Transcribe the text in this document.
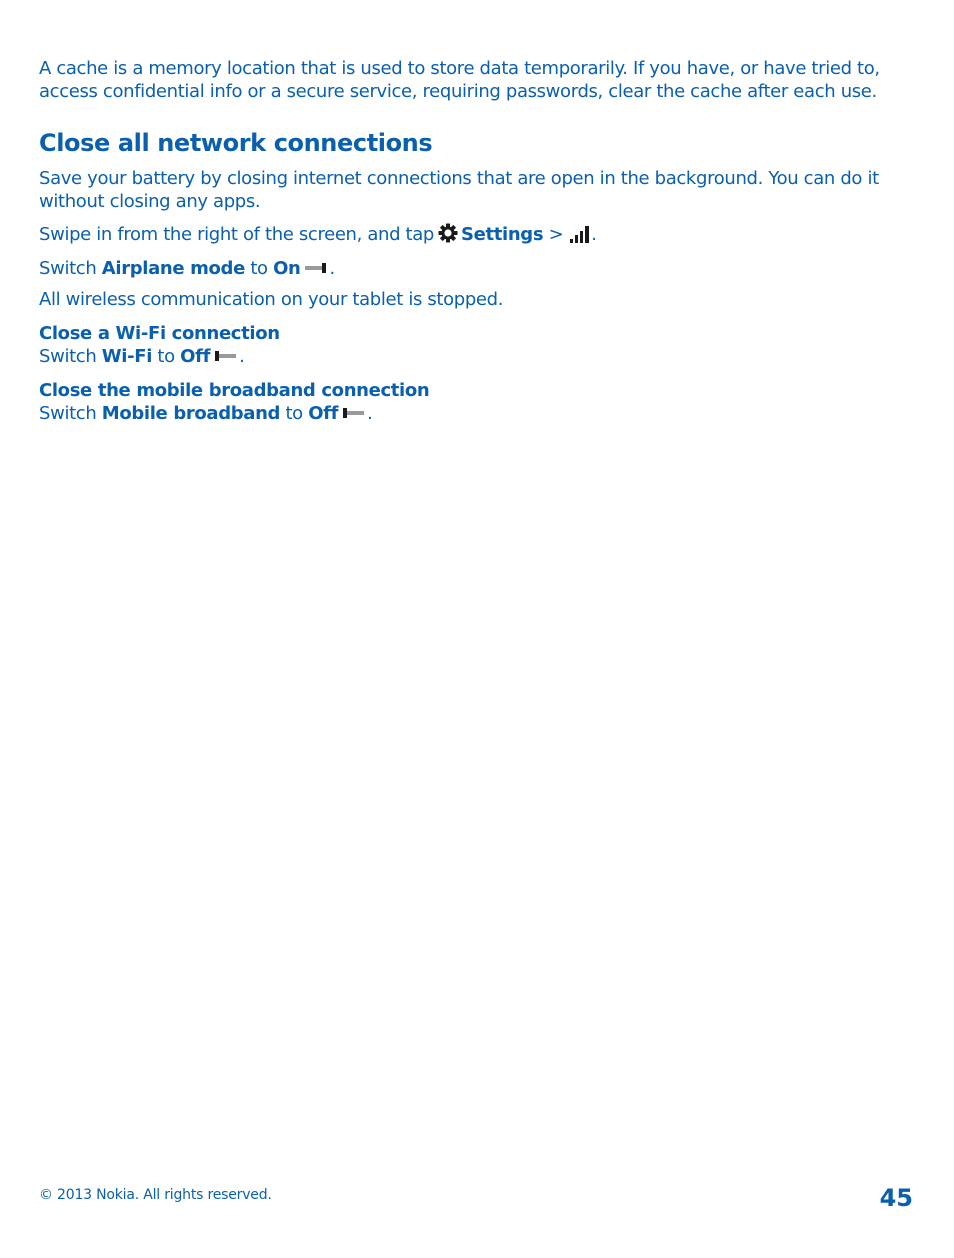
A cache is a memory location that is used to store data temporarily. If you have, or have tried to, access confidential info or a secure service, requiring passwords, clear the cache after each use.

Close all network connections

Save your battery by closing internet connections that are open in the background. You can do it without closing any apps.

Swipe in from the right of the screen, and tap Settings > .

Switch Airplane mode to On .

All wireless communication on your tablet is stopped.

Close a Wi-Fi connection

Switch Wi-Fi to Off .

Close the mobile broadband connection

Switch Mobile broadband to Off .

© 2013 Nokia. All rights reserved.	45
